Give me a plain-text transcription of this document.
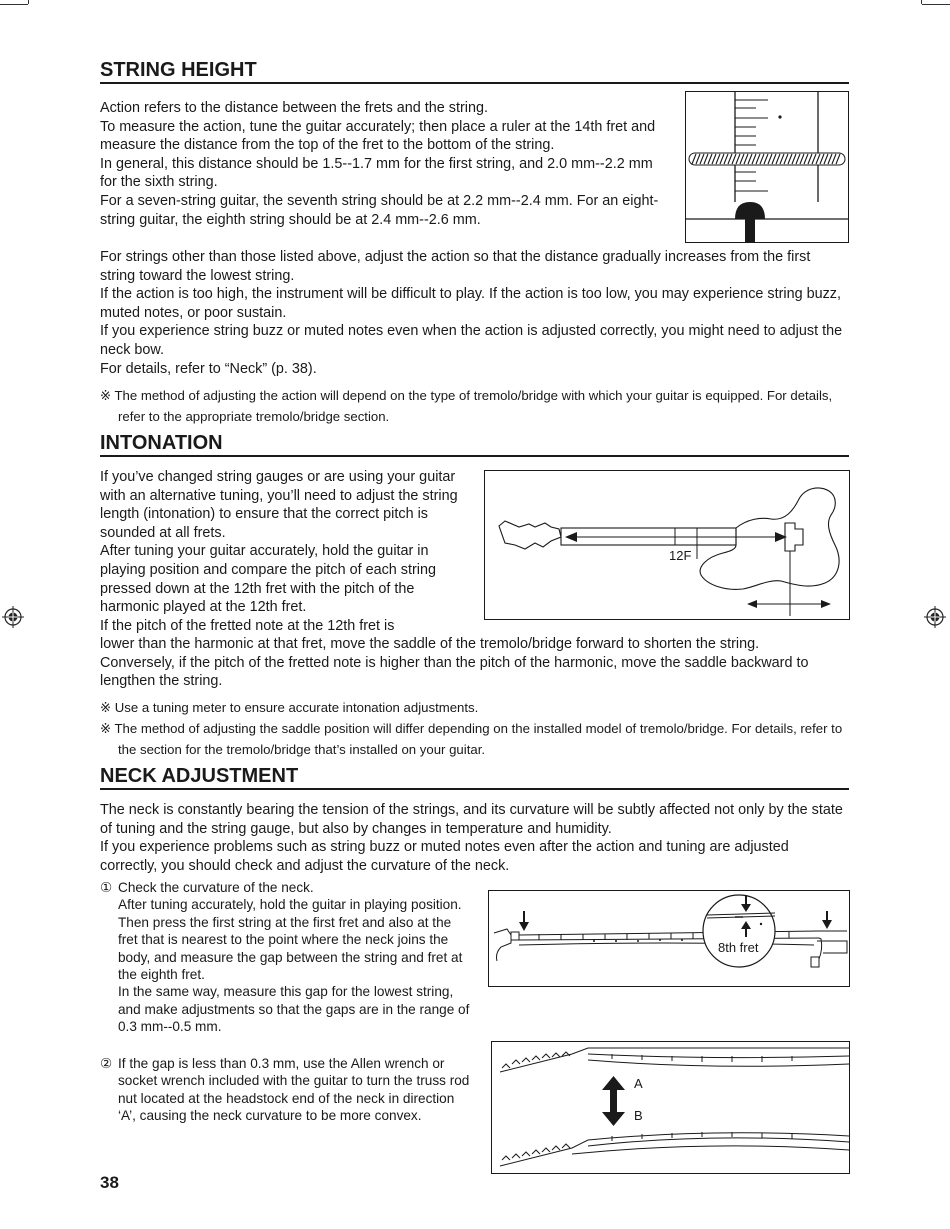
STRING HEIGHT

Action refers to the distance between the frets and the string.

To measure the action, tune the guitar accurately; then place a ruler at the 14th fret and measure the distance from the top of the fret to the bottom of the string.

In general, this distance should be 1.5--1.7 mm for the first string, and 2.0 mm--2.2 mm for the sixth string.

For a seven-string guitar, the seventh string should be at 2.2 mm--2.4 mm. For an eight-string guitar, the eighth string should be at 2.4 mm--2.6 mm.

For strings other than those listed above, adjust the action so that the distance gradually increases from the first string toward the lowest string.

If the action is too high, the instrument will be difficult to play. If the action is too low, you may experience string buzz, muted notes, or poor sustain.

If you experience string buzz or muted notes even when the action is adjusted correctly, you might need to adjust the neck bow.

For details, refer to “Neck” (p. 38).

※ The method of adjusting the action will depend on the type of tremolo/bridge with which your guitar is equipped. For details, refer to the appropriate tremolo/bridge section.

INTONATION

If you’ve changed string gauges or are using your guitar with an alternative tuning, you’ll need to adjust the string length (intonation) to ensure that the correct pitch is sounded at all frets.

After tuning your guitar accurately, hold the guitar in playing position and compare the pitch of each string pressed down at the 12th fret with the pitch of the harmonic played at the 12th fret.

If the pitch of the fretted note at the 12th fret is

12F

lower than the harmonic at that fret, move the saddle of the tremolo/bridge forward to shorten the string.

Conversely, if the pitch of the fretted note is higher than the pitch of the harmonic, move the saddle backward to lengthen the string.

※ Use a tuning meter to ensure accurate intonation adjustments.

※ The method of adjusting the saddle position will differ depending on the installed model of tremolo/bridge. For details, refer to the section for the tremolo/bridge that’s installed on your guitar.

NECK ADJUSTMENT

The neck is constantly bearing the tension of the strings, and its curvature will be subtly affected not only by the state of tuning and the string gauge, but also by changes in temperature and humidity.

If you experience problems such as string buzz or muted notes even after the action and tuning are adjusted correctly, you should check and adjust the curvature of the neck.

① Check the curvature of the neck.

After tuning accurately, hold the guitar in playing position. Then press the first string at the first fret and also at the fret that is nearest to the point where the neck joins the body, and measure the gap between the string and fret at the eighth fret.

In the same way, measure this gap for the lowest string, and make adjustments so that the gaps are in the range of 0.3 mm--0.5 mm.

8th fret
② If the gap is less than 0.3 mm, use the Allen wrench or socket wrench included with the guitar to turn the truss rod nut located at the headstock end of the neck in direction ‘A’, causing the neck curvature to be more convex.

A
B
38
